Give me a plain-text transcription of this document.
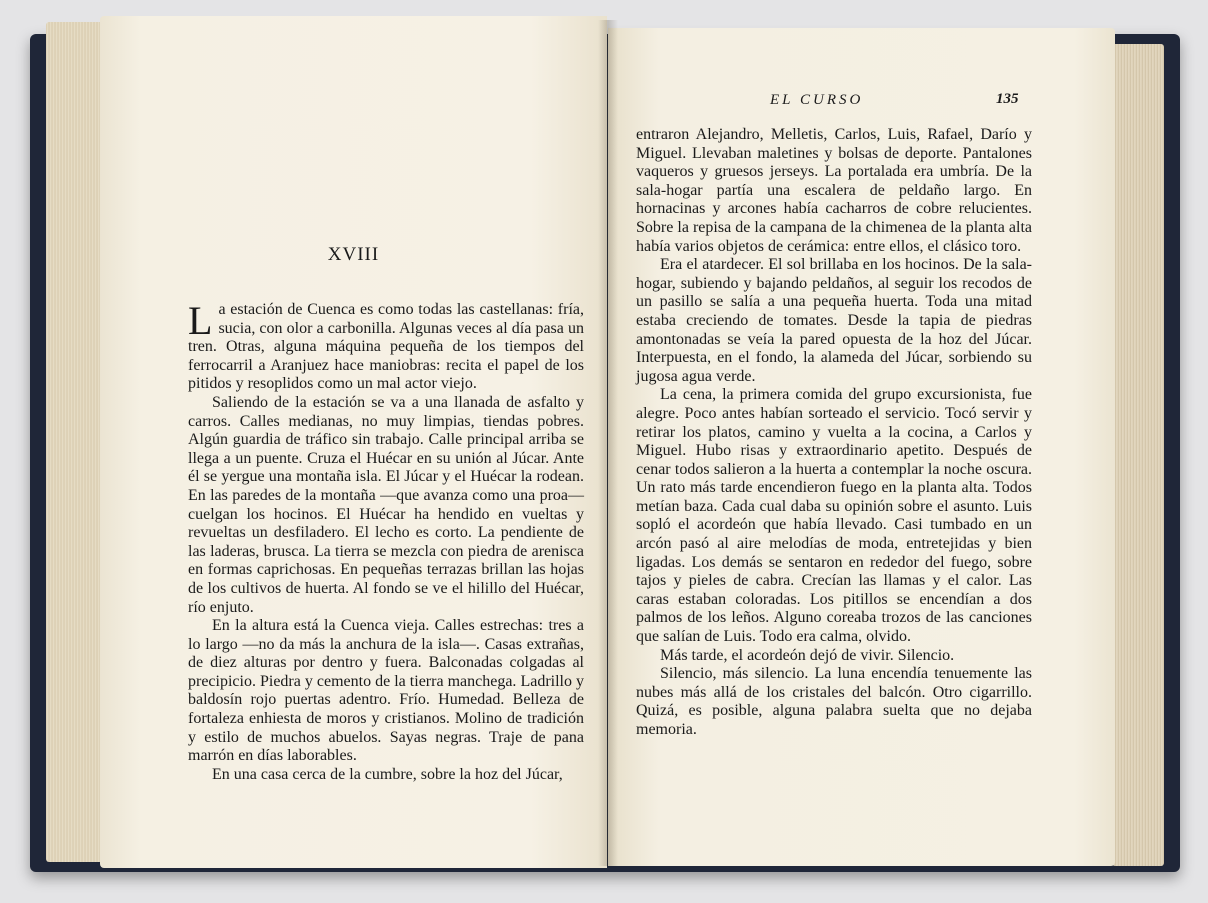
XVIII

La estación de Cuenca es como todas las castellanas: fría, sucia, con olor a carbonilla. Algunas veces al día pasa un tren. Otras, alguna máquina pequeña de los tiempos del ferrocarril a Aranjuez hace maniobras: recita el papel de los pitidos y resoplidos como un mal actor viejo.

Saliendo de la estación se va a una llanada de asfalto y carros. Calles medianas, no muy limpias, tiendas pobres. Algún guardia de tráfico sin trabajo. Calle principal arriba se llega a un puente. Cruza el Huécar en su unión al Júcar. Ante él se yergue una montaña isla. El Júcar y el Huécar la rodean. En las paredes de la montaña —que avanza como una proa— cuelgan los hocinos. El Huécar ha hendido en vueltas y revueltas un desfiladero. El lecho es corto. La pendiente de las laderas, brusca. La tierra se mezcla con piedra de arenisca en formas caprichosas. En pequeñas terrazas brillan las hojas de los cultivos de huerta. Al fondo se ve el hilillo del Huécar, río enjuto.

En la altura está la Cuenca vieja. Calles estrechas: tres a lo largo —no da más la anchura de la isla—. Casas extrañas, de diez alturas por dentro y fuera. Balconadas colgadas al precipicio. Piedra y cemento de la tierra manchega. Ladrillo y baldosín rojo puertas adentro. Frío. Humedad. Belleza de fortaleza enhiesta de moros y cristianos. Molino de tradición y estilo de muchos abuelos. Sayas negras. Traje de pana marrón en días laborables.

En una casa cerca de la cumbre, sobre la hoz del Júcar,

EL CURSO	135

entraron Alejandro, Melletis, Carlos, Luis, Rafael, Darío y Miguel. Llevaban maletines y bolsas de deporte. Pantalones vaqueros y gruesos jerseys. La portalada era umbría. De la sala-hogar partía una escalera de peldaño largo. En hornacinas y arcones había cacharros de cobre relucientes. Sobre la repisa de la campana de la chimenea de la planta alta había varios objetos de cerámica: entre ellos, el clásico toro.

Era el atardecer. El sol brillaba en los hocinos. De la sala-hogar, subiendo y bajando peldaños, al seguir los recodos de un pasillo se salía a una pequeña huerta. Toda una mitad estaba creciendo de tomates. Desde la tapia de piedras amontonadas se veía la pared opuesta de la hoz del Júcar. Interpuesta, en el fondo, la alameda del Júcar, sorbiendo su jugosa agua verde.

La cena, la primera comida del grupo excursionista, fue alegre. Poco antes habían sorteado el servicio. Tocó servir y retirar los platos, camino y vuelta a la cocina, a Carlos y Miguel. Hubo risas y extraordinario apetito. Después de cenar todos salieron a la huerta a contemplar la noche oscura. Un rato más tarde encendieron fuego en la planta alta. Todos metían baza. Cada cual daba su opinión sobre el asunto. Luis sopló el acordeón que había llevado. Casi tumbado en un arcón pasó al aire melodías de moda, entretejidas y bien ligadas. Los demás se sentaron en rededor del fuego, sobre tajos y pieles de cabra. Crecían las llamas y el calor. Las caras estaban coloradas. Los pitillos se encendían a dos palmos de los leños. Alguno coreaba trozos de las canciones que salían de Luis. Todo era calma, olvido.

Más tarde, el acordeón dejó de vivir. Silencio.

Silencio, más silencio. La luna encendía tenuemente las nubes más allá de los cristales del balcón. Otro cigarrillo. Quizá, es posible, alguna palabra suelta que no dejaba memoria.
